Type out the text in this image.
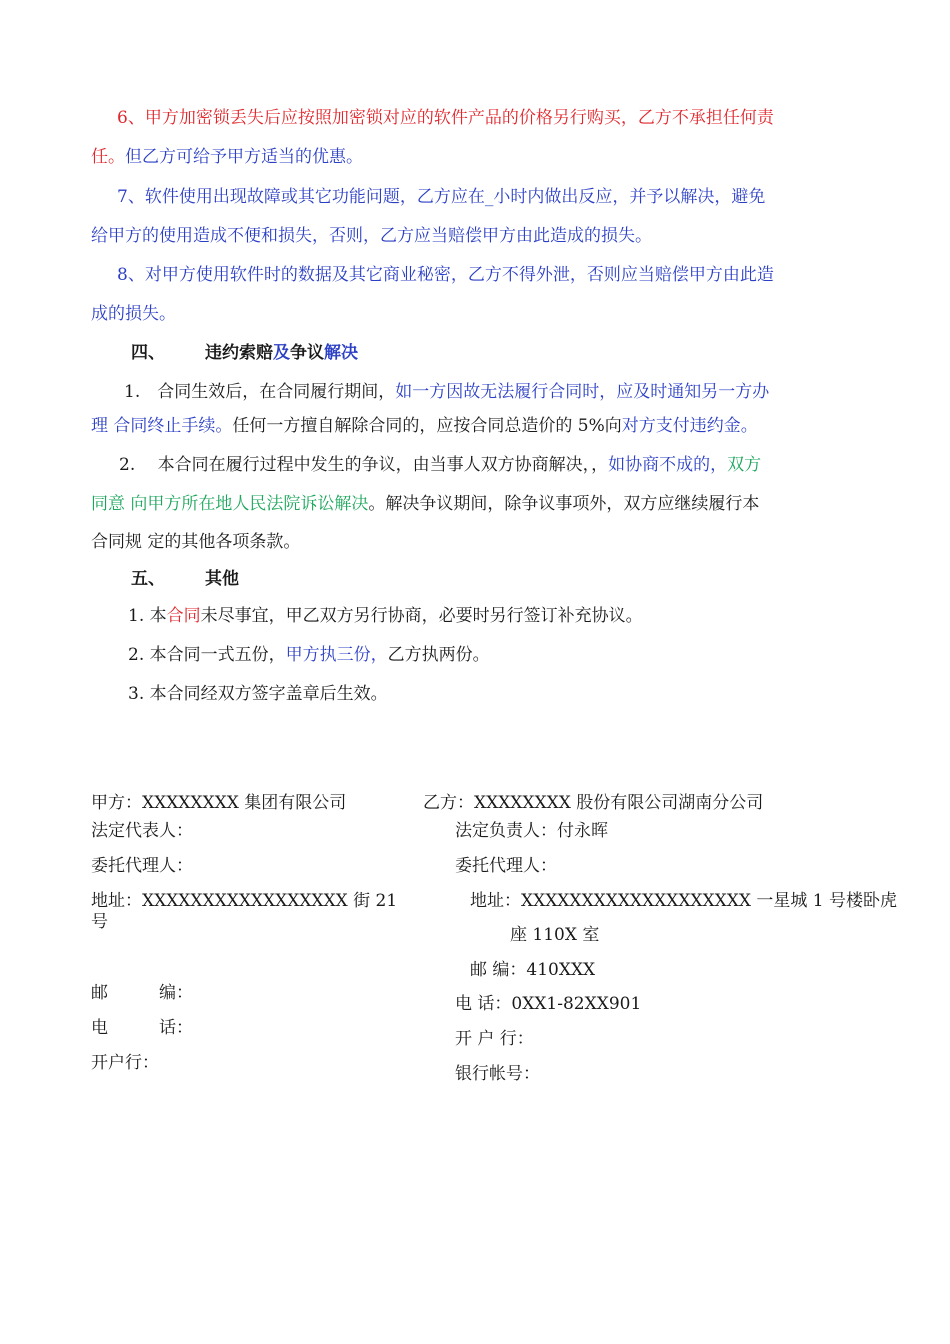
6、甲方加密锁丢失后应按照加密锁对应的软件产品的价格另行购买，乙方不承担任何责
任。但乙方可给予甲方适当的优惠。
7、软件使用出现故障或其它功能问题，乙方应在_小时内做出反应，并予以解决，避免
给甲方的使用造成不便和损失，否则，乙方应当赔偿甲方由此造成的损失。
8、对甲方使用软件时的数据及其它商业秘密，乙方不得外泄，否则应当赔偿甲方由此造
成的损失。
四、 违约索赔及争议解决
1.　合同生效后，在合同履行期间，如一方因故无法履行合同时，应及时通知另一方办
理 合同终止手续。任何一方擅自解除合同的，应按合同总造价的 5%向对方支付违约金。
2.　 本合同在履行过程中发生的争议，由当事人双方协商解决，，如协商不成的，双方
同意 向甲方所在地人民法院诉讼解决。解决争议期间，除争议事项外，双方应继续履行本
合同规 定的其他各项条款。
五、 其他
1. 本合同未尽事宜，甲乙双方另行协商，必要时另行签订补充协议。
2. 本合同一式五份，甲方执三份，乙方执两份。
3. 本合同经双方签字盖章后生效。
甲方：XXXXXXXX 集团有限公司
法定代表人：
委托代理人：
地址：XXXXXXXXXXXXXXXXX 街 21
号
邮　　　编：
电　　　话：
开户行：
乙方：XXXXXXXX 股份有限公司湖南分公司
法定负责人：付永晖
委托代理人：
地址：XXXXXXXXXXXXXXXXXXX 一星城 1 号楼卧虎
座 110X 室
邮 编：410XXX
电 话：0XX1-82XX901
开 户 行：
银行帐号：
